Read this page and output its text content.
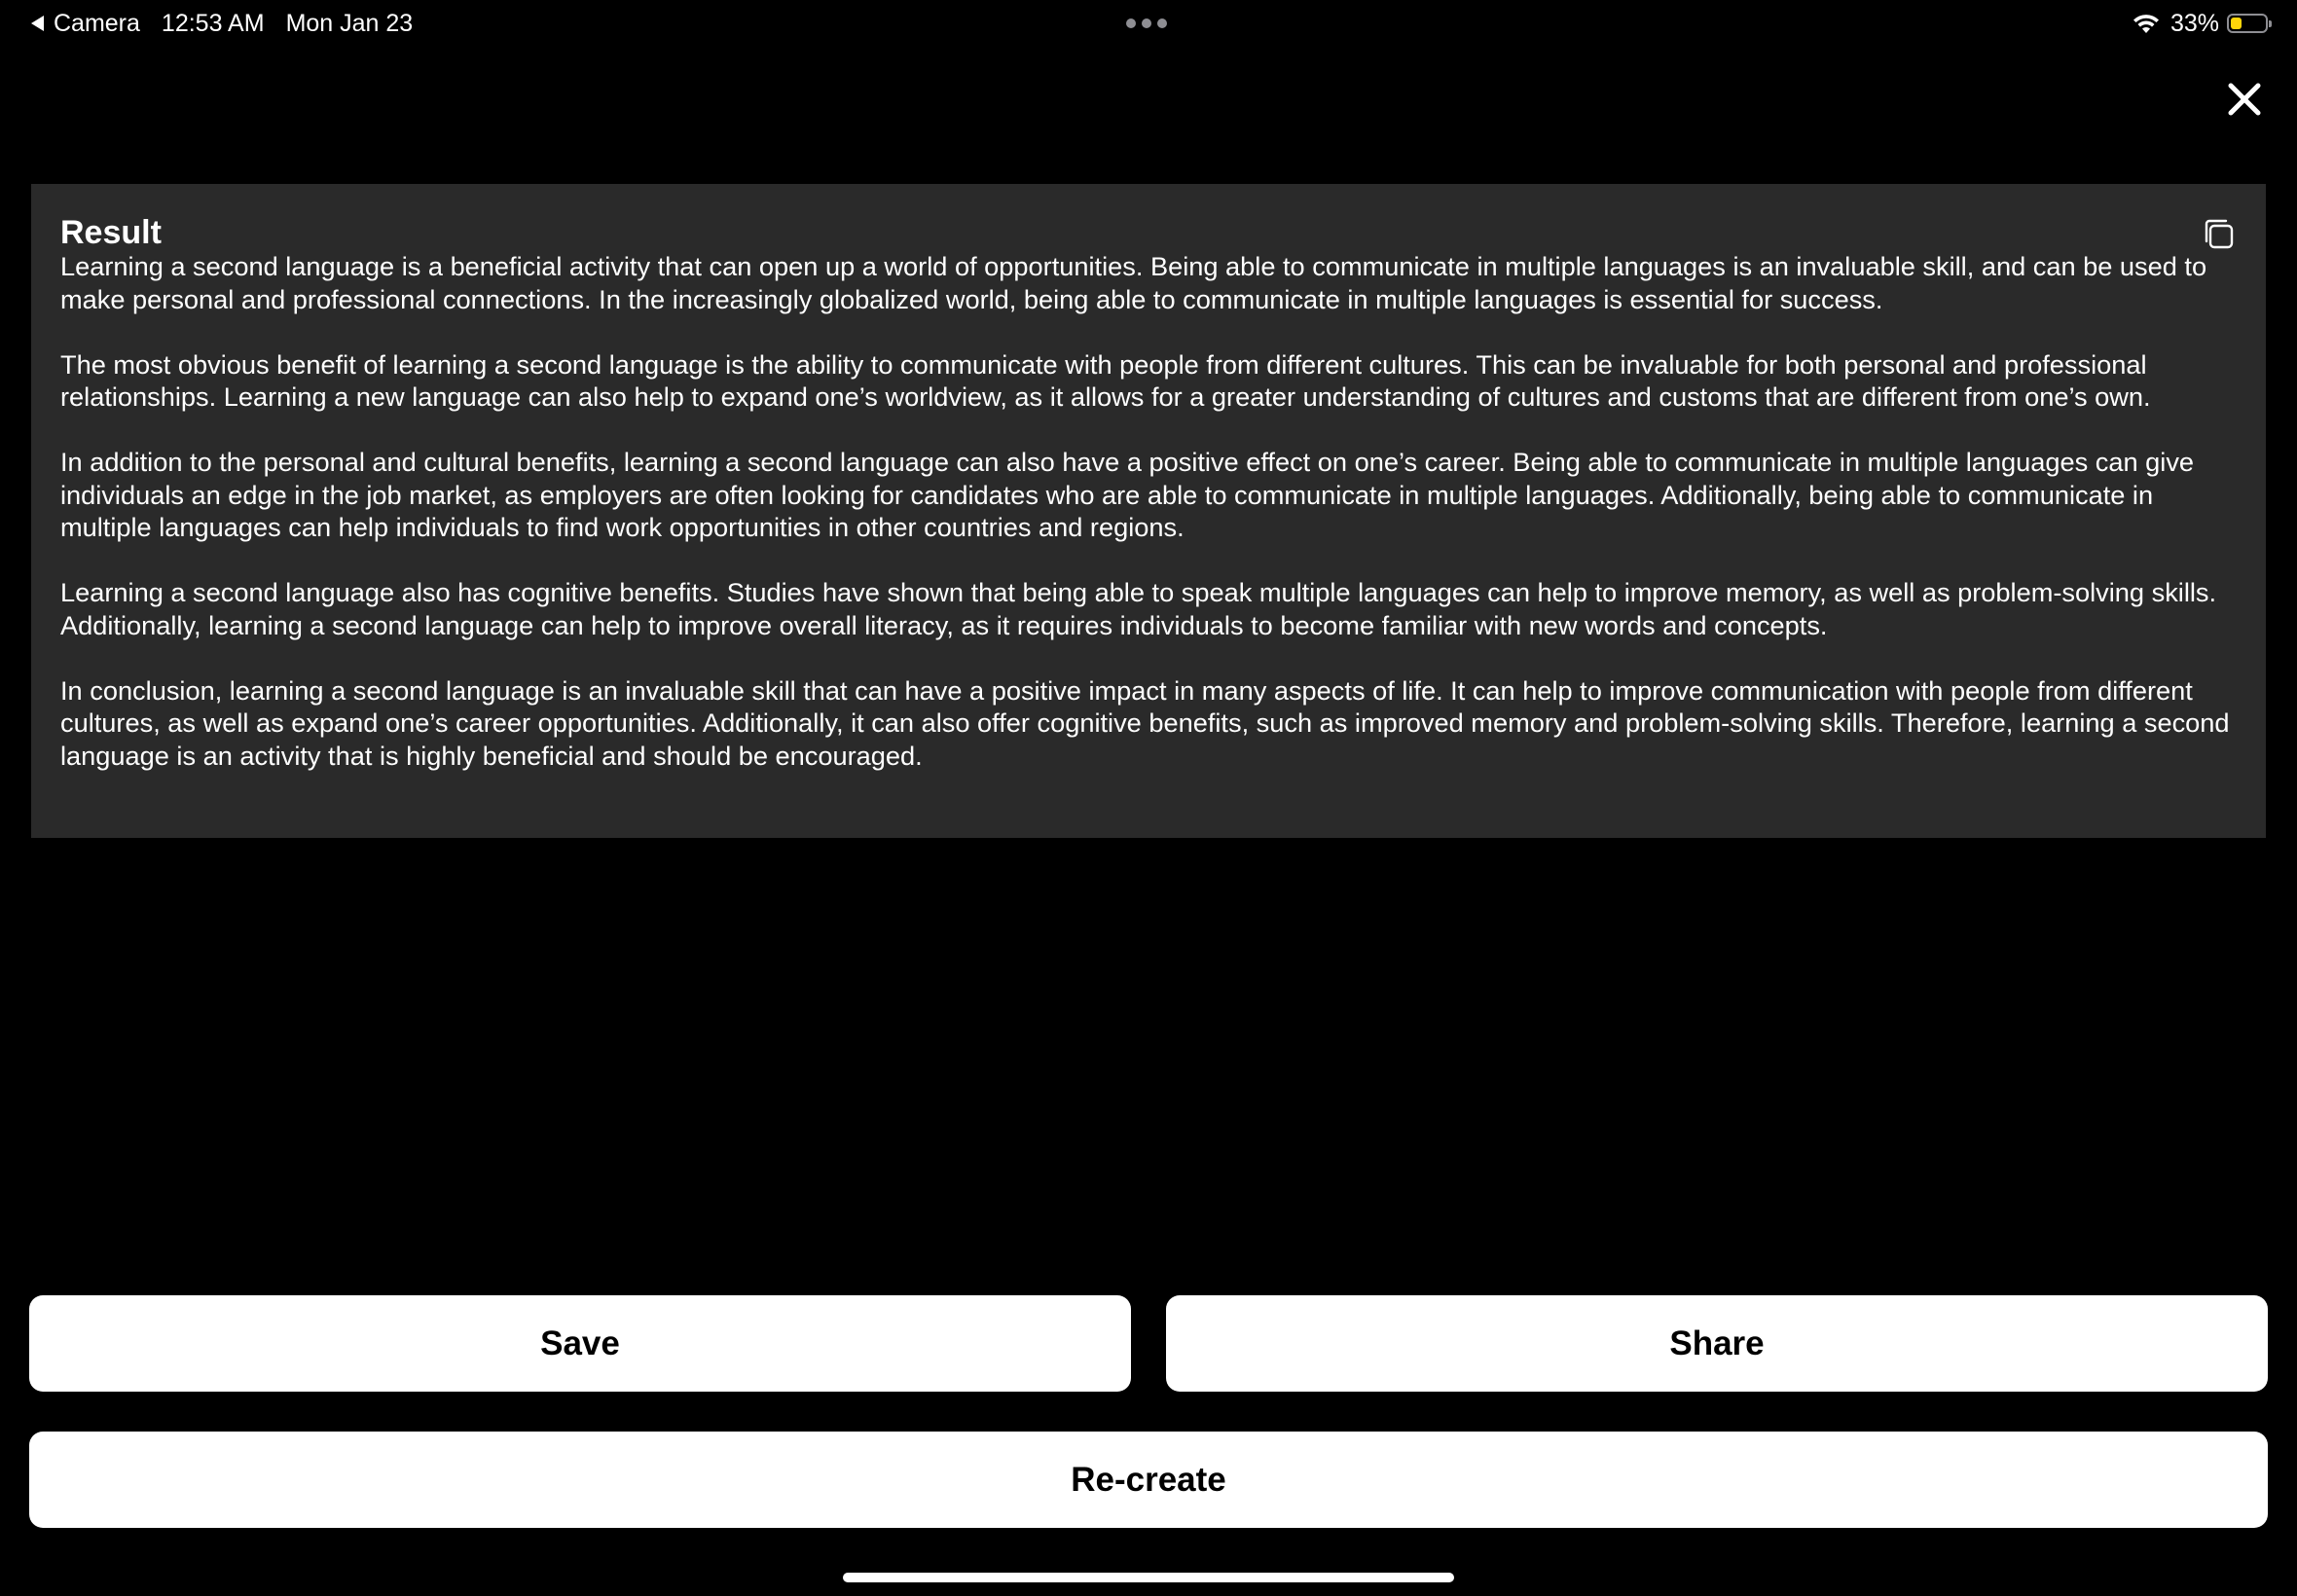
Camera 12:53 AM Mon Jan 23	33%
Result

Learning a second language is a beneficial activity that can open up a world of opportunities. Being able to communicate in multiple languages is an invaluable skill, and can be used to make personal and professional connections. In the increasingly globalized world, being able to communicate in multiple languages is essential for success.

The most obvious benefit of learning a second language is the ability to communicate with people from different cultures. This can be invaluable for both personal and professional relationships. Learning a new language can also help to expand one’s worldview, as it allows for a greater understanding of cultures and customs that are different from one’s own.

In addition to the personal and cultural benefits, learning a second language can also have a positive effect on one’s career. Being able to communicate in multiple languages can give individuals an edge in the job market, as employers are often looking for candidates who are able to communicate in multiple languages. Additionally, being able to communicate in multiple languages can help individuals to find work opportunities in other countries and regions.

Learning a second language also has cognitive benefits. Studies have shown that being able to speak multiple languages can help to improve memory, as well as problem-solving skills. Additionally, learning a second language can help to improve overall literacy, as it requires individuals to become familiar with new words and concepts.

In conclusion, learning a second language is an invaluable skill that can have a positive impact in many aspects of life. It can help to improve communication with people from different cultures, as well as expand one’s career opportunities. Additionally, it can also offer cognitive benefits, such as improved memory and problem-solving skills. Therefore, learning a second language is an activity that is highly beneficial and should be encouraged.

Save	Share
Re-create
